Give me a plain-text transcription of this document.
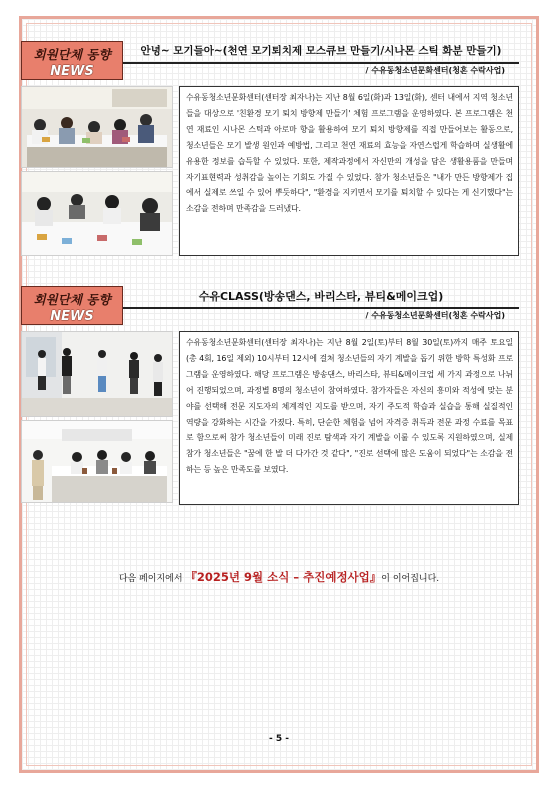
회원단체 동향
NEWS
안녕~ 모기들아~(천연 모기퇴치제 모스큐브 만들기/시나몬 스틱 화분 만들기)
/ 수유동청소년문화센터(청혼 수락사업)
수유동청소년문화센터(센터장 최자나)는 지난 8월 6일(화)과 13일(화), 센터 내에서 지역 청소년들을 대상으로 '친환경 모기 퇴치 방향제 만들기' 체험 프로그램을 운영하였다. 본 프로그램은 천연 재료인 시나몬 스틱과 아로마 향을 활용하여 모기 퇴치 방향제를 직접 만들어보는 활동으로, 청소년들은 모기 발생 원인과 예방법, 그리고 천연 재료의 효능을 자연스럽게 학습하며 실생활에 유용한 정보를 습득할 수 있었다. 또한, 제작과정에서 자신만의 개성을 담은 생활용품을 만들며 자기표현력과 성취감을 높이는 기회도 가질 수 있었다. 참가 청소년들은 "내가 만든 방향제가 집에서 실제로 쓰일 수 있어 뿌듯하다", "환경을 지키면서 모기를 퇴치할 수 있다는 게 신기했다"는 소감을 전하며 만족감을 드러냈다.
회원단체 동향
NEWS
수유CLASS(방송댄스, 바리스타, 뷰티&메이크업)
/ 수유동청소년문화센터(청혼 수락사업)
수유동청소년문화센터(센터장 최자나)는 지난 8월 2일(토)부터 8월 30일(토)까지 매주 토요일(총 4회, 16일 제외) 10시부터 12시에 걸쳐 청소년들의 자기 계발을 돕기 위한 방학 특성화 프로그램을 운영하였다. 해당 프로그램은 방송댄스, 바리스타, 뷰티&메이크업 세 가지 과정으로 나뉘어 진행되었으며, 과정별 8명의 청소년이 참여하였다. 참가자들은 자신의 흥미와 적성에 맞는 분야를 선택해 전문 지도자의 체계적인 지도를 받으며, 자기 주도적 학습과 실습을 통해 실질적인 역량을 강화하는 시간을 가졌다. 특히, 단순한 체험을 넘어 자격증 취득과 전문 과정 수료를 목표로 함으로써 참가 청소년들이 미래 진로 탐색과 자기 계발을 이룰 수 있도록 지원하였으며, 실제 참가 청소년들은 "꿈에 한 발 더 다가간 것 같다", "진로 선택에 많은 도움이 되었다"는 소감을 전하는 등 높은 만족도를 보였다.
다음 페이지에서 『2025년 9월 소식 – 추진예정사업』이 이어집니다.
- 5 -
